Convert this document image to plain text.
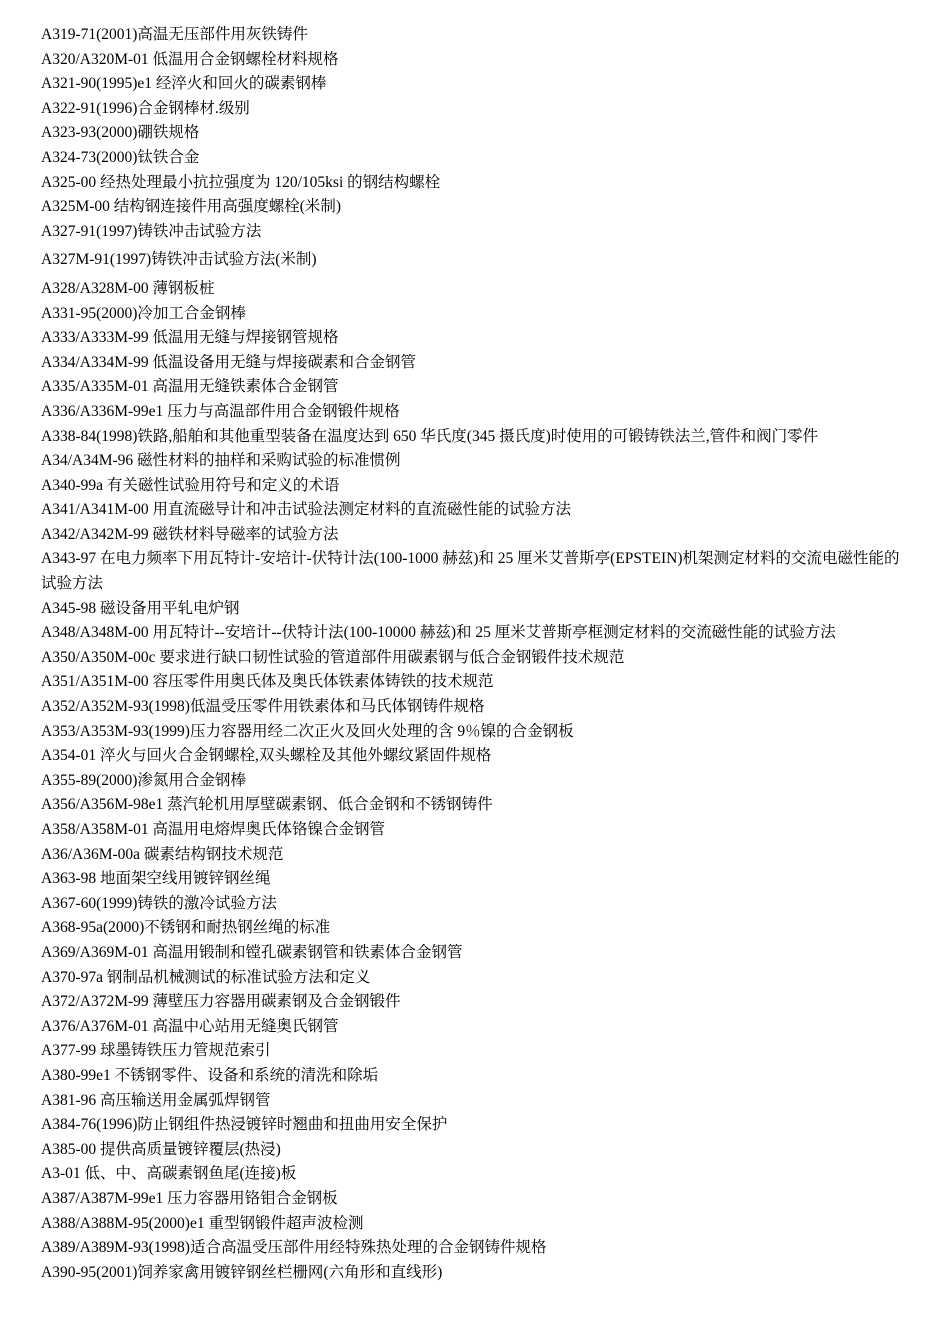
A319-71(2001)高温无压部件用灰铁铸件

A320/A320M-01 低温用合金钢螺栓材料规格

A321-90(1995)e1 经淬火和回火的碳素钢棒

A322-91(1996)合金钢棒材.级别

A323-93(2000)硼铁规格

A324-73(2000)钛铁合金

A325-00 经热处理最小抗拉强度为 120/105ksi 的钢结构螺栓

A325M-00 结构钢连接件用高强度螺栓(米制)

A327-91(1997)铸铁冲击试验方法

A327M-91(1997)铸铁冲击试验方法(米制)

A328/A328M-00 薄钢板桩

A331-95(2000)冷加工合金钢棒

A333/A333M-99 低温用无缝与焊接钢管规格

A334/A334M-99 低温设备用无缝与焊接碳素和合金钢管

A335/A335M-01 高温用无缝铁素体合金钢管

A336/A336M-99e1 压力与高温部件用合金钢锻件规格

A338-84(1998)铁路,船舶和其他重型装备在温度达到 650 华氏度(345 摄氏度)时使用的可锻铸铁法兰,管件和阀门零件

A34/A34M-96 磁性材料的抽样和采购试验的标准惯例

A340-99a 有关磁性试验用符号和定义的术语

A341/A341M-00 用直流磁导计和冲击试验法测定材料的直流磁性能的试验方法

A342/A342M-99 磁铁材料导磁率的试验方法

A343-97 在电力频率下用瓦特计-安培计-伏特计法(100-1000 赫兹)和 25 厘米艾普斯亭(EPSTEIN)机架测定材料的交流电磁性能的试验方法

A345-98 磁设备用平轧电炉钢

A348/A348M-00 用瓦特计--安培计--伏特计法(100-10000 赫兹)和 25 厘米艾普斯亭框测定材料的交流磁性能的试验方法

A350/A350M-00c 要求进行缺口韧性试验的管道部件用碳素钢与低合金钢锻件技术规范

A351/A351M-00 容压零件用奥氏体及奥氏体铁素体铸铁的技术规范

A352/A352M-93(1998)低温受压零件用铁素体和马氏体钢铸件规格

A353/A353M-93(1999)压力容器用经二次正火及回火处理的含 9％镍的合金钢板

A354-01 淬火与回火合金钢螺栓,双头螺栓及其他外螺纹紧固件规格

A355-89(2000)渗氮用合金钢棒

A356/A356M-98e1 蒸汽轮机用厚壁碳素钢、低合金钢和不锈钢铸件

A358/A358M-01 高温用电熔焊奥氏体铬镍合金钢管

A36/A36M-00a 碳素结构钢技术规范

A363-98 地面架空线用镀锌钢丝绳

A367-60(1999)铸铁的激冷试验方法

A368-95a(2000)不锈钢和耐热钢丝绳的标准

A369/A369M-01 高温用锻制和镗孔碳素钢管和铁素体合金钢管

A370-97a 钢制品机械测试的标准试验方法和定义

A372/A372M-99 薄壁压力容器用碳素钢及合金钢锻件

A376/A376M-01 高温中心站用无缝奥氏钢管

A377-99 球墨铸铁压力管规范索引

A380-99e1 不锈钢零件、设备和系统的清洗和除垢

A381-96 高压输送用金属弧焊钢管

A384-76(1996)防止钢组件热浸镀锌时翘曲和扭曲用安全保护

A385-00 提供高质量镀锌覆层(热浸)

A3-01 低、中、高碳素钢鱼尾(连接)板

A387/A387M-99e1 压力容器用铬钼合金钢板

A388/A388M-95(2000)e1 重型钢锻件超声波检测

A389/A389M-93(1998)适合高温受压部件用经特殊热处理的合金钢铸件规格

A390-95(2001)饲养家禽用镀锌钢丝栏栅网(六角形和直线形)
